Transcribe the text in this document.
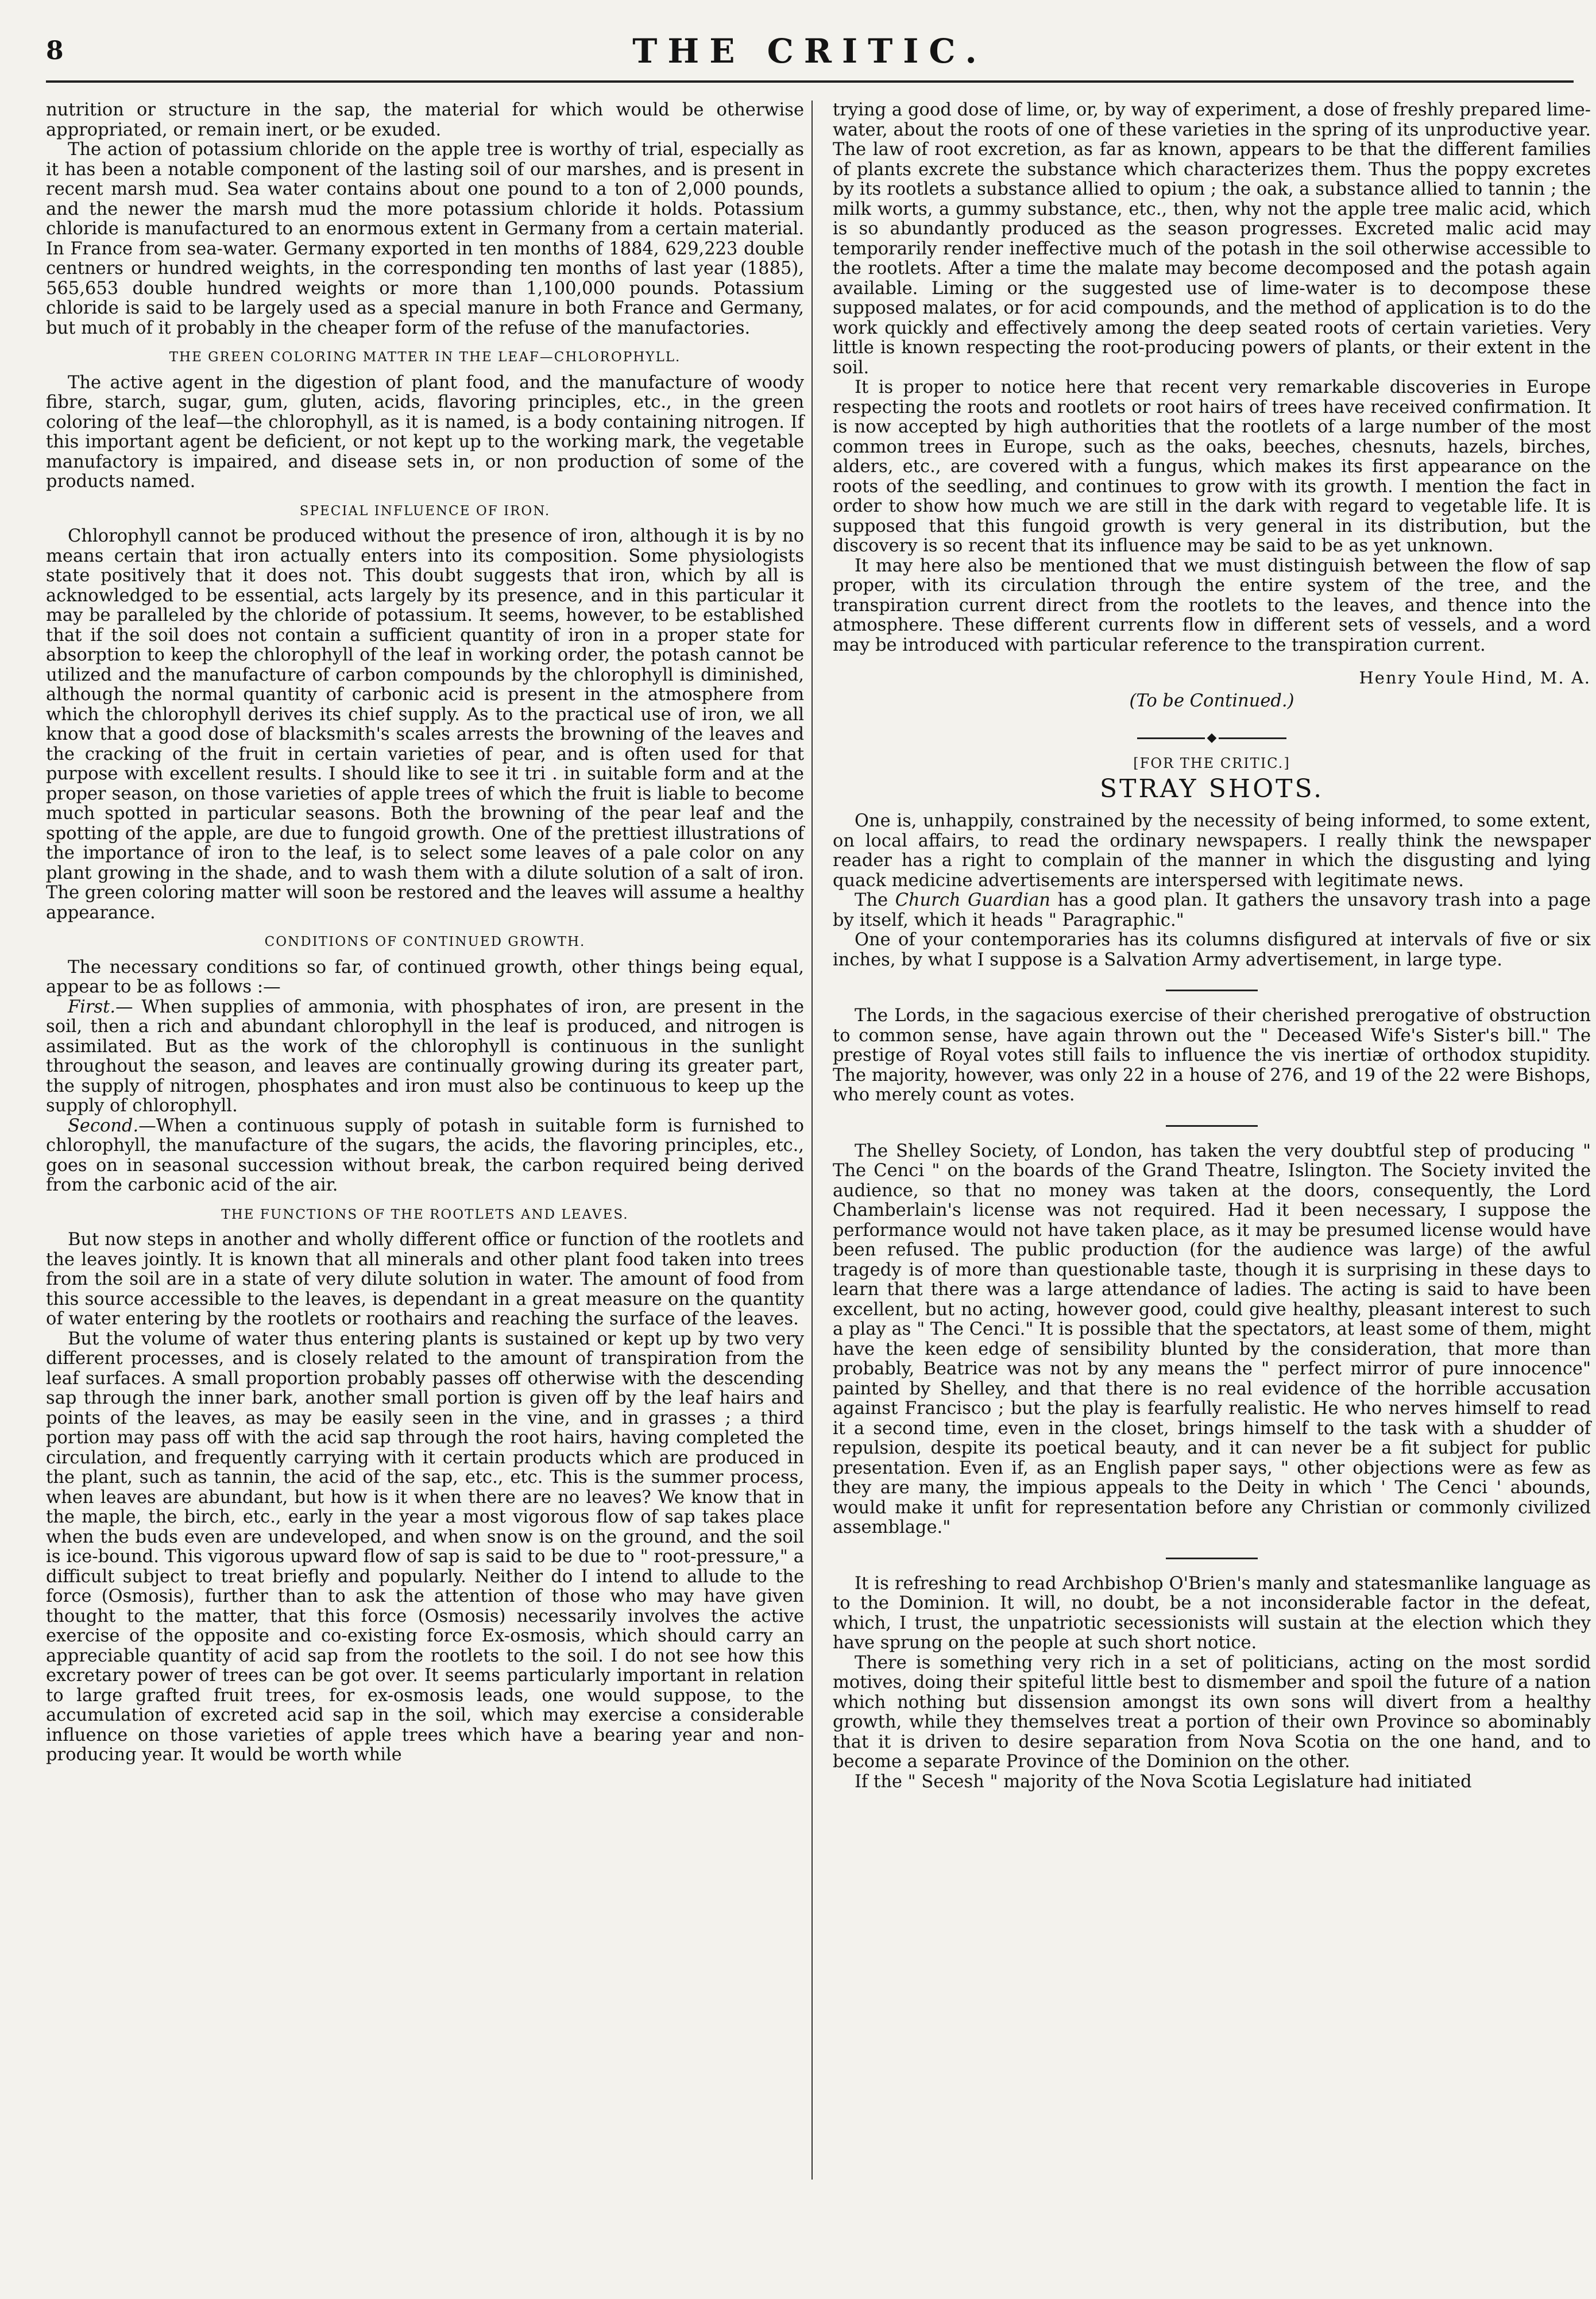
8	THE CRITIC.

nutrition or structure in the sap, the material for which would be otherwise appropriated, or remain inert, or be exuded.

The action of potassium chloride on the apple tree is worthy of trial, especially as it has been a notable component of the lasting soil of our marshes, and is present in recent marsh mud. Sea water contains about one pound to a ton of 2,000 pounds, and the newer the marsh mud the more potassium chloride it holds. Potassium chloride is manufactured to an enormous extent in Germany from a certain material. In France from sea-water. Germany exported in ten months of 1884, 629,223 double centners or hundred weights, in the corresponding ten months of last year (1885), 565,653 double hundred weights or more than 1,100,000 pounds. Potassium chloride is said to be largely used as a special manure in both France and Germany, but much of it probably in the cheaper form of the refuse of the manufactories.

THE GREEN COLORING MATTER IN THE LEAF—CHLOROPHYLL.

The active agent in the digestion of plant food, and the manufacture of woody fibre, starch, sugar, gum, gluten, acids, flavoring principles, etc., in the green coloring of the leaf—the chlorophyll, as it is named, is a body containing nitrogen. If this important agent be deficient, or not kept up to the working mark, the vegetable manufactory is impaired, and disease sets in, or non production of some of the products named.

SPECIAL INFLUENCE OF IRON.

Chlorophyll cannot be produced without the presence of iron, although it is by no means certain that iron actually enters into its composition. Some physiologists state positively that it does not. This doubt suggests that iron, which by all is acknowledged to be essential, acts largely by its presence, and in this particular it may be paralleled by the chloride of potassium. It seems, however, to be established that if the soil does not contain a sufficient quantity of iron in a proper state for absorption to keep the chlorophyll of the leaf in working order, the potash cannot be utilized and the manufacture of carbon compounds by the chlorophyll is diminished, although the normal quantity of carbonic acid is present in the atmosphere from which the chlorophyll derives its chief supply. As to the practical use of iron, we all know that a good dose of blacksmith's scales arrests the browning of the leaves and the cracking of the fruit in certain varieties of pear, and is often used for that purpose with excellent results. I should like to see it tri . in suitable form and at the proper season, on those varieties of apple trees of which the fruit is liable to become much spotted in particular seasons. Both the browning of the pear leaf and the spotting of the apple, are due to fungoid growth. One of the prettiest illustrations of the importance of iron to the leaf, is to select some leaves of a pale color on any plant growing in the shade, and to wash them with a dilute solution of a salt of iron. The green coloring matter will soon be restored and the leaves will assume a healthy appearance.

CONDITIONS OF CONTINUED GROWTH.

The necessary conditions so far, of continued growth, other things being equal, appear to be as follows :—

First.— When supplies of ammonia, with phosphates of iron, are present in the soil, then a rich and abundant chlorophyll in the leaf is produced, and nitrogen is assimilated. But as the work of the chlorophyll is continuous in the sunlight throughout the season, and leaves are continually growing during its greater part, the supply of nitrogen, phosphates and iron must also be continuous to keep up the supply of chlorophyll.

Second.—When a continuous supply of potash in suitable form is furnished to chlorophyll, the manufacture of the sugars, the acids, the flavoring principles, etc., goes on in seasonal succession without break, the carbon required being derived from the carbonic acid of the air.

THE FUNCTIONS OF THE ROOTLETS AND LEAVES.

But now steps in another and wholly different office or function of the rootlets and the leaves jointly. It is known that all minerals and other plant food taken into trees from the soil are in a state of very dilute solution in water. The amount of food from this source accessible to the leaves, is dependant in a great measure on the quantity of water entering by the rootlets or roothairs and reaching the surface of the leaves.

But the volume of water thus entering plants is sustained or kept up by two very different processes, and is closely related to the amount of transpiration from the leaf surfaces. A small proportion probably passes off otherwise with the descending sap through the inner bark, another small portion is given off by the leaf hairs and points of the leaves, as may be easily seen in the vine, and in grasses ; a third portion may pass off with the acid sap through the root hairs, having completed the circulation, and frequently carrying with it certain products which are produced in the plant, such as tannin, the acid of the sap, etc., etc. This is the summer process, when leaves are abundant, but how is it when there are no leaves? We know that in the maple, the birch, etc., early in the year a most vigorous flow of sap takes place when the buds even are undeveloped, and when snow is on the ground, and the soil is ice-bound. This vigorous upward flow of sap is said to be due to " root-pressure," a difficult subject to treat briefly and popularly. Neither do I intend to allude to the force (Osmosis), further than to ask the attention of those who may have given thought to the matter, that this force (Osmosis) necessarily involves the active exercise of the opposite and co-existing force Ex-osmosis, which should carry an appreciable quantity of acid sap from the rootlets to the soil. I do not see how this excretary power of trees can be got over. It seems particularly important in relation to large grafted fruit trees, for ex-osmosis leads, one would suppose, to the accumulation of excreted acid sap in the soil, which may exercise a considerable influence on those varieties of apple trees which have a bearing year and non-producing year. It would be worth while

trying a good dose of lime, or, by way of experiment, a dose of freshly prepared lime-water, about the roots of one of these varieties in the spring of its unproductive year. The law of root excretion, as far as known, appears to be that the different families of plants excrete the substance which characterizes them. Thus the poppy excretes by its rootlets a substance allied to opium ; the oak, a substance allied to tannin ; the milk worts, a gummy substance, etc., then, why not the apple tree malic acid, which is so abundantly produced as the season progresses. Excreted malic acid may temporarily render ineffective much of the potash in the soil otherwise accessible to the rootlets. After a time the malate may become decomposed and the potash again available. Liming or the suggested use of lime-water is to decompose these supposed malates, or for acid compounds, and the method of application is to do the work quickly and effectively among the deep seated roots of certain varieties. Very little is known respecting the root-producing powers of plants, or their extent in the soil.

It is proper to notice here that recent very remarkable discoveries in Europe respecting the roots and rootlets or root hairs of trees have received confirmation. It is now accepted by high authorities that the rootlets of a large number of the most common trees in Europe, such as the oaks, beeches, chesnuts, hazels, birches, alders, etc., are covered with a fungus, which makes its first appearance on the roots of the seedling, and continues to grow with its growth. I mention the fact in order to show how much we are still in the dark with regard to vegetable life. It is supposed that this fungoid growth is very general in its distribution, but the discovery is so recent that its influence may be said to be as yet unknown.

It may here also be mentioned that we must distinguish between the flow of sap proper, with its circulation through the entire system of the tree, and the transpiration current direct from the rootlets to the leaves, and thence into the atmosphere. These different currents flow in different sets of vessels, and a word may be introduced with particular reference to the transpiration current.

Henry Youle Hind, M. A.
(To be Continued.)
◆
[FOR THE CRITIC.]
STRAY SHOTS.

One is, unhappily, constrained by the necessity of being informed, to some extent, on local affairs, to read the ordinary newspapers. I really think the newspaper reader has a right to complain of the manner in which the disgusting and lying quack medicine advertisements are interspersed with legitimate news.

The Church Guardian has a good plan. It gathers the unsavory trash into a page by itself, which it heads " Paragraphic."

One of your contemporaries has its columns disfigured at intervals of five or six inches, by what I suppose is a Salvation Army advertisement, in large type.

The Lords, in the sagacious exercise of their cherished prerogative of obstruction to common sense, have again thrown out the " Deceased Wife's Sister's bill." The prestige of Royal votes still fails to influence the vis inertiæ of orthodox stupidity. The majority, however, was only 22 in a house of 276, and 19 of the 22 were Bishops, who merely count as votes.

The Shelley Society, of London, has taken the very doubtful step of producing " The Cenci " on the boards of the Grand Theatre, Islington. The Society invited the audience, so that no money was taken at the doors, consequently, the Lord Chamberlain's license was not required. Had it been necessary, I suppose the performance would not have taken place, as it may be presumed license would have been refused. The public production (for the audience was large) of the awful tragedy is of more than questionable taste, though it is surprising in these days to learn that there was a large attendance of ladies. The acting is said to have been excellent, but no acting, however good, could give healthy, pleasant interest to such a play as " The Cenci." It is possible that the spectators, at least some of them, might have the keen edge of sensibility blunted by the consideration, that more than probably, Beatrice was not by any means the " perfect mirror of pure innocence" painted by Shelley, and that there is no real evidence of the horrible accusation against Francisco ; but the play is fearfully realistic. He who nerves himself to read it a second time, even in the closet, brings himself to the task with a shudder of repulsion, despite its poetical beauty, and it can never be a fit subject for public presentation. Even if, as an English paper says, " other objections were as few as they are many, the impious appeals to the Deity in which ' The Cenci ' abounds, would make it unfit for representation before any Christian or commonly civilized assemblage."

It is refreshing to read Archbishop O'Brien's manly and statesmanlike language as to the Dominion. It will, no doubt, be a not inconsiderable factor in the defeat, which, I trust, the unpatriotic secessionists will sustain at the election which they have sprung on the people at such short notice.

There is something very rich in a set of politicians, acting on the most sordid motives, doing their spiteful little best to dismember and spoil the future of a nation which nothing but dissension amongst its own sons will divert from a healthy growth, while they themselves treat a portion of their own Province so abominably that it is driven to desire separation from Nova Scotia on the one hand, and to become a separate Province of the Dominion on the other.

If the " Secesh " majority of the Nova Scotia Legislature had initiated
